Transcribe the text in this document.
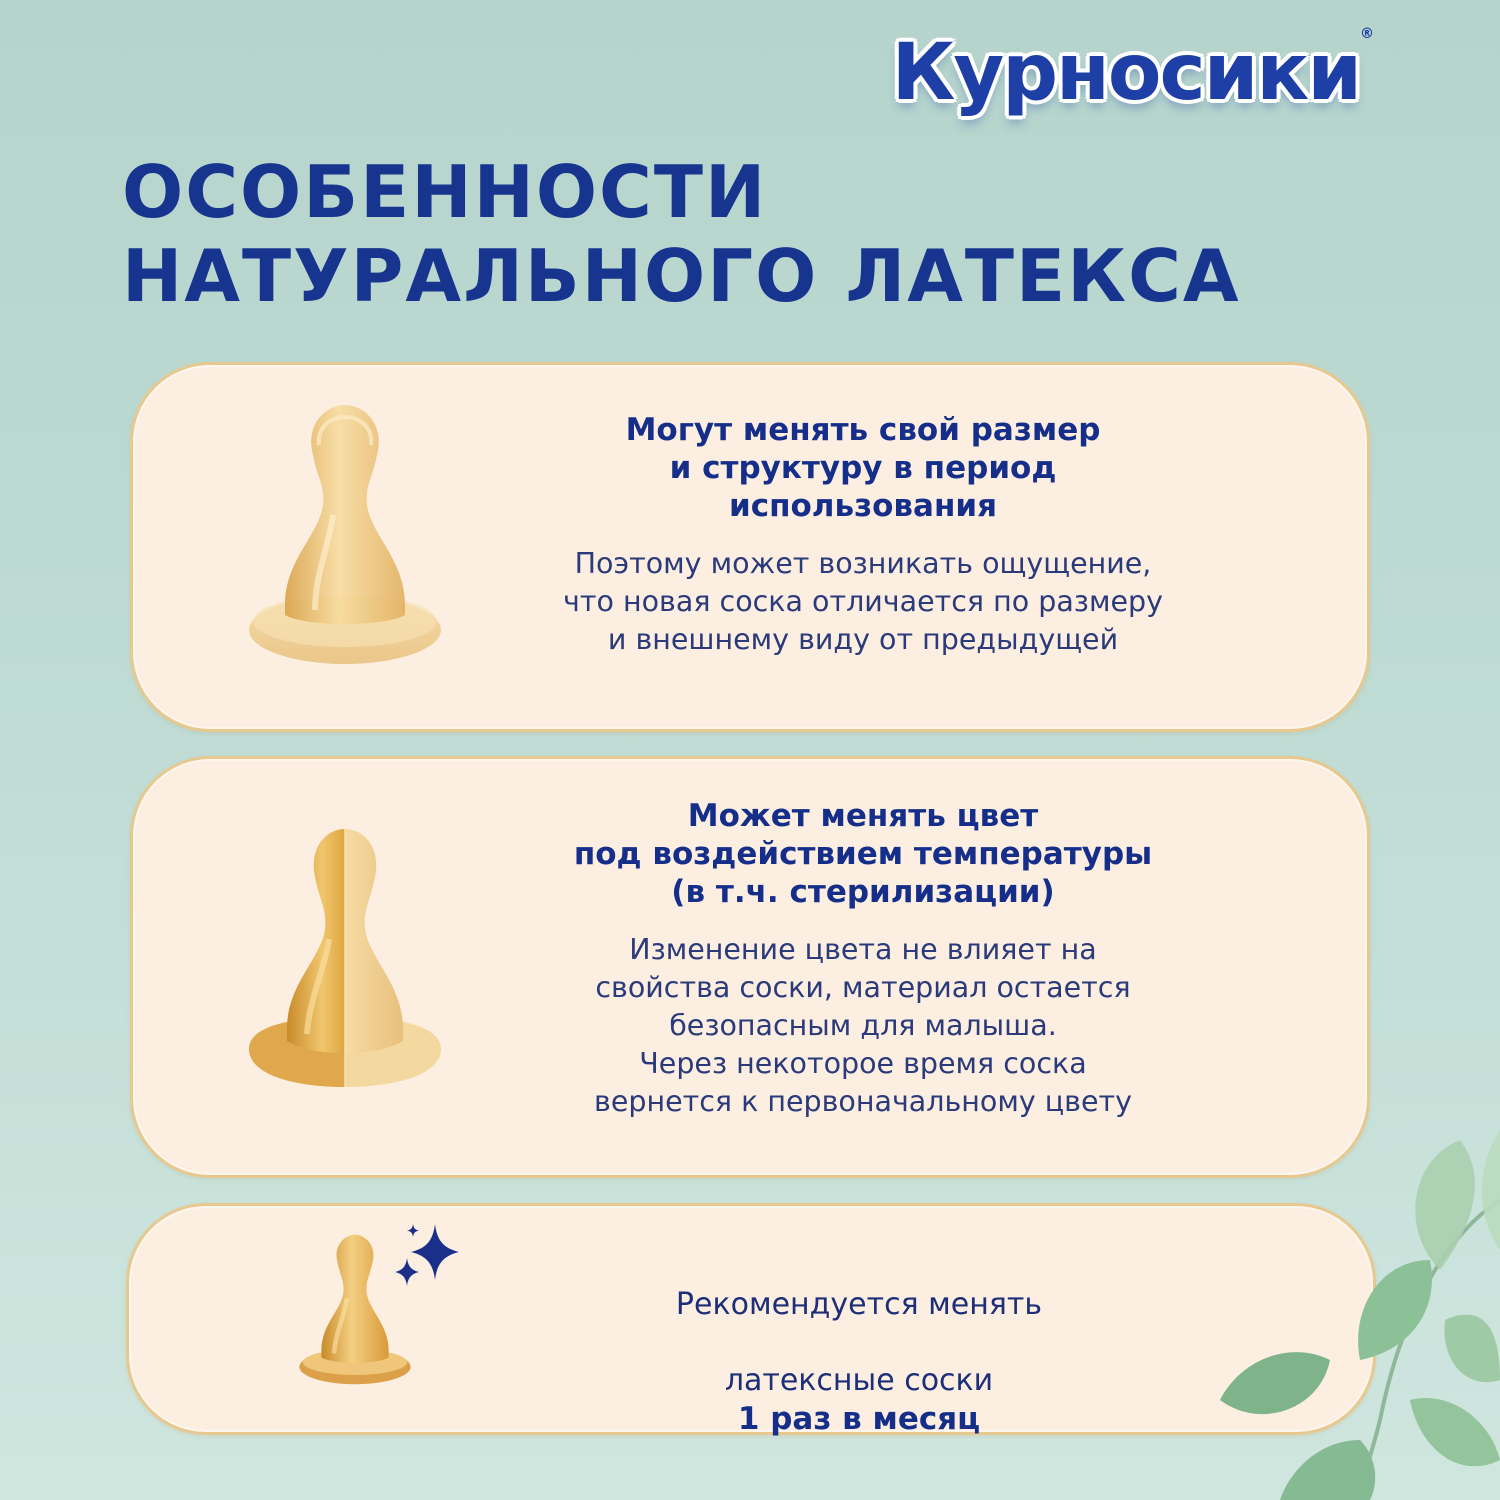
Курносики®
ОСОБЕННОСТИ
НАТУРАЛЬНОГО ЛАТЕКСА

Могут менять свой размер
и структуру в период
использования

Поэтому может возникать ощущение,
что новая соска отличается по размеру
и внешнему виду от предыдущей

Может менять цвет
под воздействием температуры
(в т.ч. стерилизации)

Изменение цвета не влияет на
свойства соски, материал остается
безопасным для малыша.
Через некоторое время соска
вернется к первоначальному цвету

Рекомендуется менять

латексные соски

1 раз в месяц
